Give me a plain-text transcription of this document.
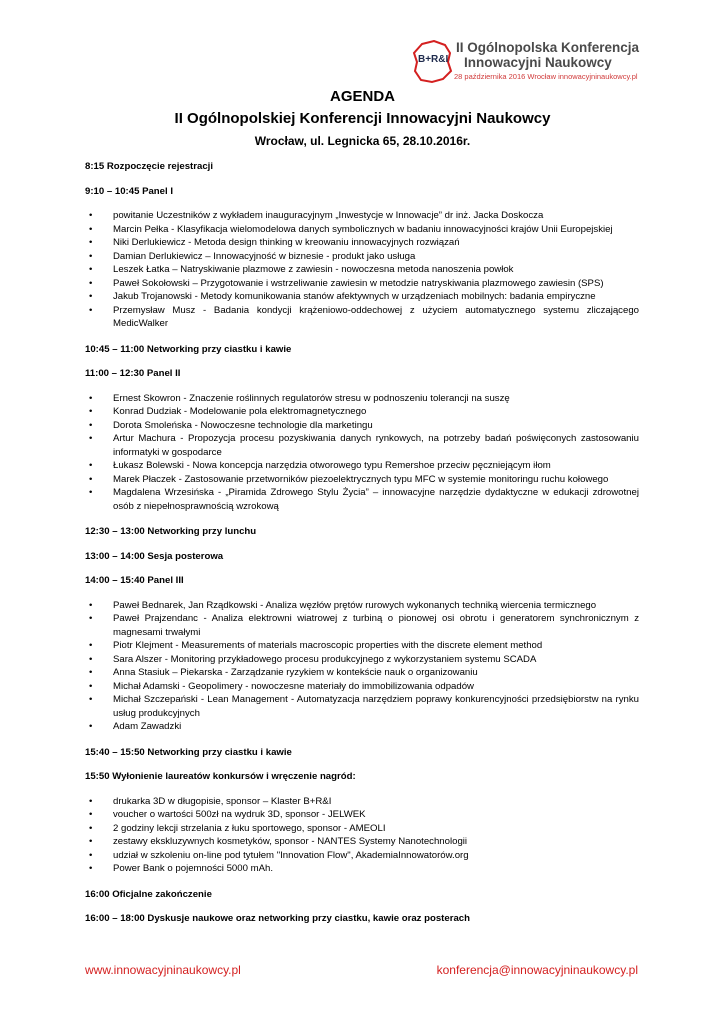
B+R&I
II Ogólnopolska Konferencja
Innowacyjni Naukowcy
28 października 2016 Wrocław innowacyjninaukowcy.pl
AGENDA
II Ogólnopolskiej Konferencji Innowacyjni Naukowcy
Wrocław, ul. Legnicka 65, 28.10.2016r.
8:15 Rozpoczęcie rejestracji
9:10 – 10:45 Panel I
• powitanie Uczestników z wykładem inauguracyjnym „Inwestycje w Innowacje” dr inż. Jacka Doskocza
• Marcin Pełka - Klasyfikacja wielomodelowa danych symbolicznych w badaniu innowacyjności krajów Unii Europejskiej
• Niki Derlukiewicz - Metoda design thinking w kreowaniu innowacyjnych rozwiązań
• Damian Derlukiewicz – Innowacyjność w biznesie - produkt jako usługa
• Leszek Łatka – Natryskiwanie plazmowe z zawiesin - nowoczesna metoda nanoszenia powłok
• Paweł Sokołowski – Przygotowanie i wstrzeliwanie zawiesin w metodzie natryskiwania plazmowego zawiesin (SPS)
• Jakub Trojanowski - Metody komunikowania stanów afektywnych w urządzeniach mobilnych: badania empiryczne
• Przemysław Musz - Badania kondycji krążeniowo-oddechowej z użyciem automatycznego systemu zliczającego MedicWalker
10:45 – 11:00 Networking przy ciastku i kawie
11:00 – 12:30 Panel II
• Ernest Skowron - Znaczenie roślinnych regulatorów stresu w podnoszeniu tolerancji na suszę
• Konrad Dudziak - Modelowanie pola elektromagnetycznego
• Dorota Smoleńska - Nowoczesne technologie dla marketingu
• Artur Machura - Propozycja procesu pozyskiwania danych rynkowych, na potrzeby badań poświęconych zastosowaniu informatyki w gospodarce
• Łukasz Bolewski - Nowa koncepcja narzędzia otworowego typu Remershoe przeciw pęczniejącym iłom
• Marek Płaczek - Zastosowanie przetworników piezoelektrycznych typu MFC w systemie monitoringu ruchu kołowego
• Magdalena Wrzesińska - „Piramida Zdrowego Stylu Życia” – innowacyjne narzędzie dydaktyczne w edukacji zdrowotnej osób z niepełnosprawnością wzrokową
12:30 – 13:00 Networking przy lunchu
13:00 – 14:00 Sesja posterowa
14:00 – 15:40 Panel III
• Paweł Bednarek, Jan Rządkowski - Analiza węzłów prętów rurowych wykonanych techniką wiercenia termicznego
• Paweł Prajzendanc - Analiza elektrowni wiatrowej z turbiną o pionowej osi obrotu i generatorem synchronicznym z magnesami trwałymi
• Piotr Klejment - Measurements of materials macroscopic properties with the discrete element method
• Sara Alszer - Monitoring przykładowego procesu produkcyjnego z wykorzystaniem systemu SCADA
• Anna Stasiuk – Piekarska - Zarządzanie ryzykiem w kontekście nauk o organizowaniu
• Michał Adamski - Geopolimery - nowoczesne materiały do immobilizowania odpadów
• Michał Szczepański - Lean Management - Automatyzacja narzędziem poprawy konkurencyjności przedsiębiorstw na rynku usług produkcyjnych
• Adam Zawadzki
15:40 – 15:50 Networking przy ciastku i kawie
15:50 Wyłonienie laureatów konkursów i wręczenie nagród:
• drukarka 3D w długopisie, sponsor – Klaster B+R&I
• voucher o wartości 500zł na wydruk 3D, sponsor - JELWEK
• 2 godziny lekcji strzelania z łuku sportowego, sponsor - AMEOLI
• zestawy ekskluzywnych kosmetyków, sponsor - NANTES Systemy Nanotechnologii
• udział w szkoleniu on-line pod tytułem "Innovation Flow", AkademiaInnowatorów.org
• Power Bank o pojemności 5000 mAh.
16:00 Oficjalne zakończenie
16:00 – 18:00 Dyskusje naukowe oraz networking przy ciastku, kawie oraz posterach
www.innowacyjninaukowcy.pl	konferencja@innowacyjninaukowcy.pl
